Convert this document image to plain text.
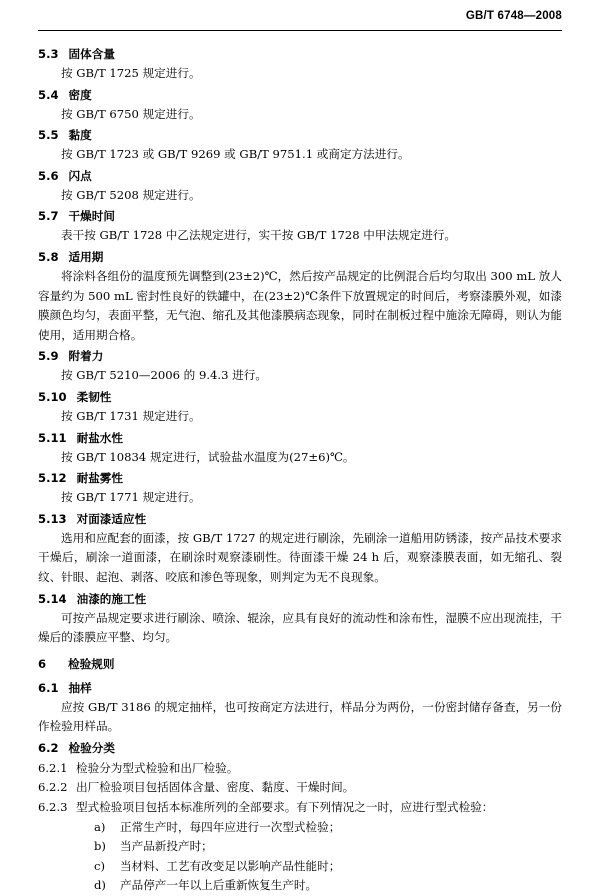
GB/T 6748—2008
5.3 固体含量

按 GB/T 1725 规定进行。

5.4 密度

按 GB/T 6750 规定进行。

5.5 黏度

按 GB/T 1723 或 GB/T 9269 或 GB/T 9751.1 或商定方法进行。

5.6 闪点

按 GB/T 5208 规定进行。

5.7 干燥时间

表干按 GB/T 1728 中乙法规定进行，实干按 GB/T 1728 中甲法规定进行。

5.8 适用期

将涂料各组份的温度预先调整到(23±2)℃，然后按产品规定的比例混合后均匀取出 300 mL 放人容量约为 500 mL 密封性良好的铁罐中，在(23±2)℃条件下放置规定的时间后，考察漆膜外观，如漆膜颜色均匀，表面平整，无气泡、缩孔及其他漆膜病态现象，同时在制板过程中施涂无障碍，则认为能使用，适用期合格。

5.9 附着力

按 GB/T 5210—2006 的 9.4.3 进行。

5.10 柔韧性

按 GB/T 1731 规定进行。

5.11 耐盐水性

按 GB/T 10834 规定进行，试验盐水温度为(27±6)℃。

5.12 耐盐雾性

按 GB/T 1771 规定进行。

5.13 对面漆适应性

选用和应配套的面漆，按 GB/T 1727 的规定进行刷涂，先刷涂一道船用防锈漆，按产品技术要求干燥后，刷涂一道面漆，在刷涂时观察漆刷性。待面漆干燥 24 h 后，观察漆膜表面，如无缩孔、裂纹、针眼、起泡、剥落、咬底和渗色等现象，则判定为无不良现象。

5.14 油漆的施工性

可按产品规定要求进行刷涂、喷涂、辊涂，应具有良好的流动性和涂布性，湿膜不应出现流挂，干燥后的漆膜应平整、均匀。

6 检验规则
6.1 抽样

应按 GB/T 3186 的规定抽样，也可按商定方法进行，样品分为两份，一份密封储存备查，另一份作检验用样品。

6.2 检验分类
6.2.1 检验分为型式检验和出厂检验。
6.2.2 出厂检验项目包括固体含量、密度、黏度、干燥时间。
6.2.3 型式检验项目包括本标准所列的全部要求。有下列情况之一时，应进行型式检验：
a)	正常生产时，每四年应进行一次型式检验；
b)	当产品新投产时；
c)	当材料、工艺有改变足以影响产品性能时；
d)	产品停产一年以上后重新恢复生产时。
